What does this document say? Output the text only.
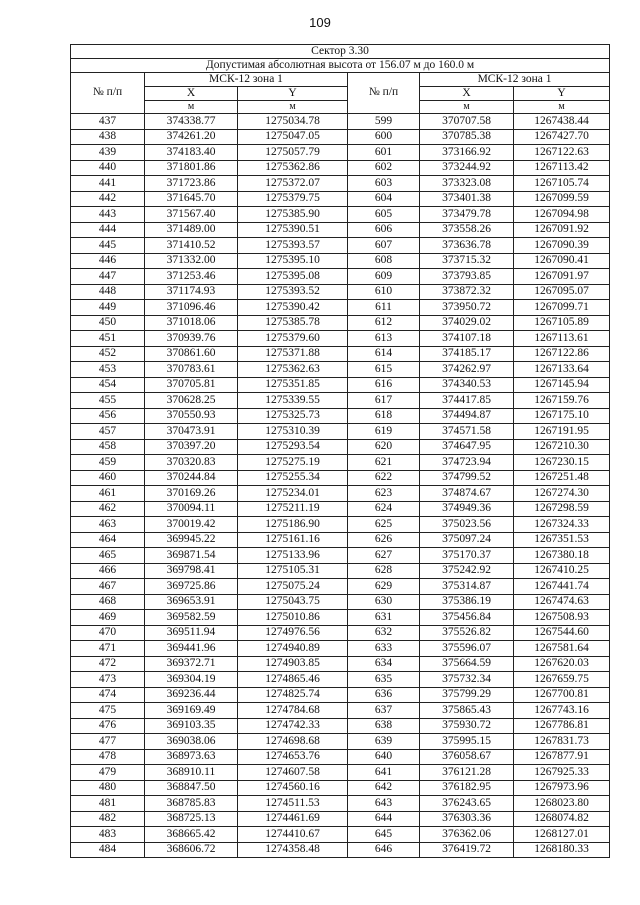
109
Сектор 3.30					
Допустимая абсолютная высота от 156.07 м до 160.0 м					
№ п/п	МСК-12 зона 1		№ п/п	МСК-12 зона 1	
	X	Y		X	Y
	м	м		м	м
437	374338.77	1275034.78	599	370707.58	1267438.44
438	374261.20	1275047.05	600	370785.38	1267427.70
439	374183.40	1275057.79	601	373166.92	1267122.63
440	371801.86	1275362.86	602	373244.92	1267113.42
441	371723.86	1275372.07	603	373323.08	1267105.74
442	371645.70	1275379.75	604	373401.38	1267099.59
443	371567.40	1275385.90	605	373479.78	1267094.98
444	371489.00	1275390.51	606	373558.26	1267091.92
445	371410.52	1275393.57	607	373636.78	1267090.39
446	371332.00	1275395.10	608	373715.32	1267090.41
447	371253.46	1275395.08	609	373793.85	1267091.97
448	371174.93	1275393.52	610	373872.32	1267095.07
449	371096.46	1275390.42	611	373950.72	1267099.71
450	371018.06	1275385.78	612	374029.02	1267105.89
451	370939.76	1275379.60	613	374107.18	1267113.61
452	370861.60	1275371.88	614	374185.17	1267122.86
453	370783.61	1275362.63	615	374262.97	1267133.64
454	370705.81	1275351.85	616	374340.53	1267145.94
455	370628.25	1275339.55	617	374417.85	1267159.76
456	370550.93	1275325.73	618	374494.87	1267175.10
457	370473.91	1275310.39	619	374571.58	1267191.95
458	370397.20	1275293.54	620	374647.95	1267210.30
459	370320.83	1275275.19	621	374723.94	1267230.15
460	370244.84	1275255.34	622	374799.52	1267251.48
461	370169.26	1275234.01	623	374874.67	1267274.30
462	370094.11	1275211.19	624	374949.36	1267298.59
463	370019.42	1275186.90	625	375023.56	1267324.33
464	369945.22	1275161.16	626	375097.24	1267351.53
465	369871.54	1275133.96	627	375170.37	1267380.18
466	369798.41	1275105.31	628	375242.92	1267410.25
467	369725.86	1275075.24	629	375314.87	1267441.74
468	369653.91	1275043.75	630	375386.19	1267474.63
469	369582.59	1275010.86	631	375456.84	1267508.93
470	369511.94	1274976.56	632	375526.82	1267544.60
471	369441.96	1274940.89	633	375596.07	1267581.64
472	369372.71	1274903.85	634	375664.59	1267620.03
473	369304.19	1274865.46	635	375732.34	1267659.75
474	369236.44	1274825.74	636	375799.29	1267700.81
475	369169.49	1274784.68	637	375865.43	1267743.16
476	369103.35	1274742.33	638	375930.72	1267786.81
477	369038.06	1274698.68	639	375995.15	1267831.73
478	368973.63	1274653.76	640	376058.67	1267877.91
479	368910.11	1274607.58	641	376121.28	1267925.33
480	368847.50	1274560.16	642	376182.95	1267973.96
481	368785.83	1274511.53	643	376243.65	1268023.80
482	368725.13	1274461.69	644	376303.36	1268074.82
483	368665.42	1274410.67	645	376362.06	1268127.01
484	368606.72	1274358.48	646	376419.72	1268180.33
